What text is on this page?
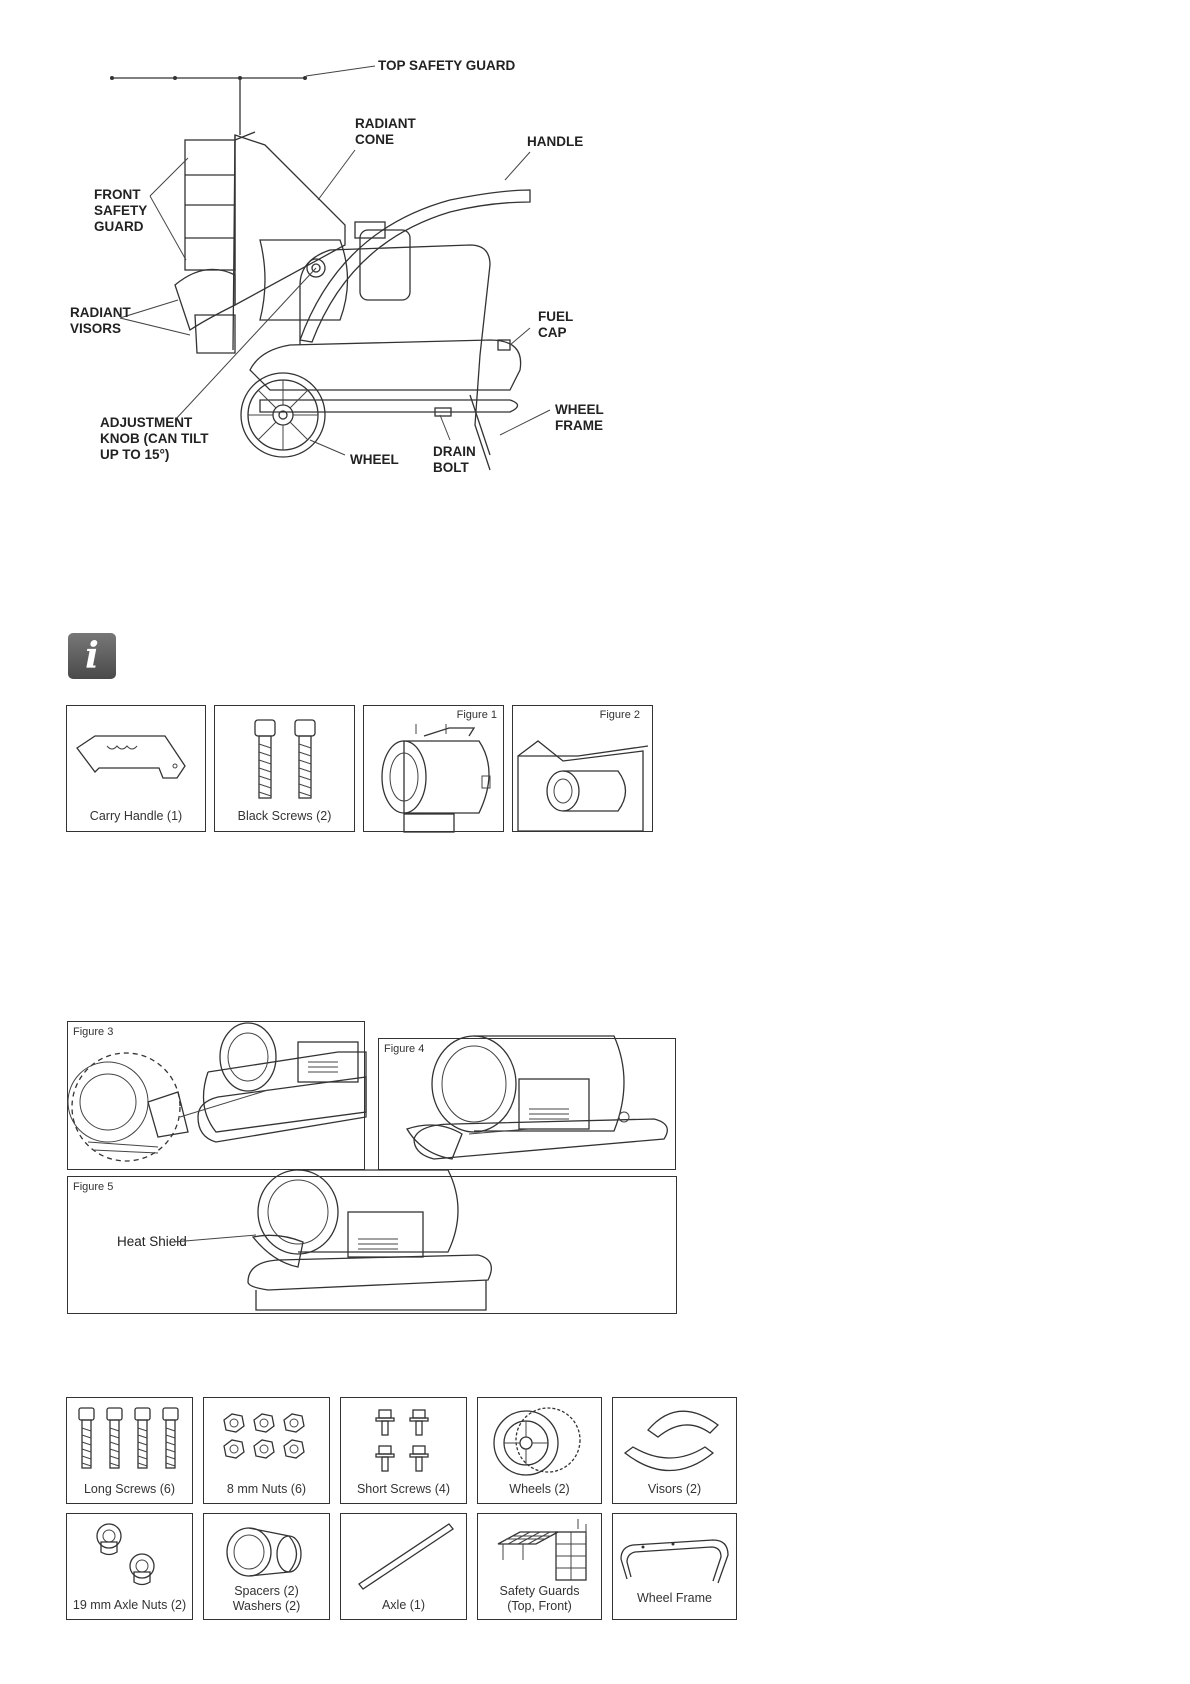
TOP SAFETY GUARD
RADIANT
CONE	HANDLE
FRONT
SAFETY
GUARD
RADIANT
VISORS
FUEL
CAP
WHEEL
FRAME
ADJUSTMENT
KNOB (CAN TILT
UP TO 15°)	WHEEL
DRAIN
BOLT
i
Carry Handle (1)	Black Screws (2)
Figure 1	Figure 2
Figure 3
Figure 4
Figure 5
Heat Shield
Long Screws (6)	8 mm Nuts (6)	Short Screws (4)	Wheels (2)	Visors (2)
19 mm Axle Nuts (2)
Spacers (2)
Washers (2)	Axle (1)
Safety Guards
(Top, Front)
Wheel Frame
